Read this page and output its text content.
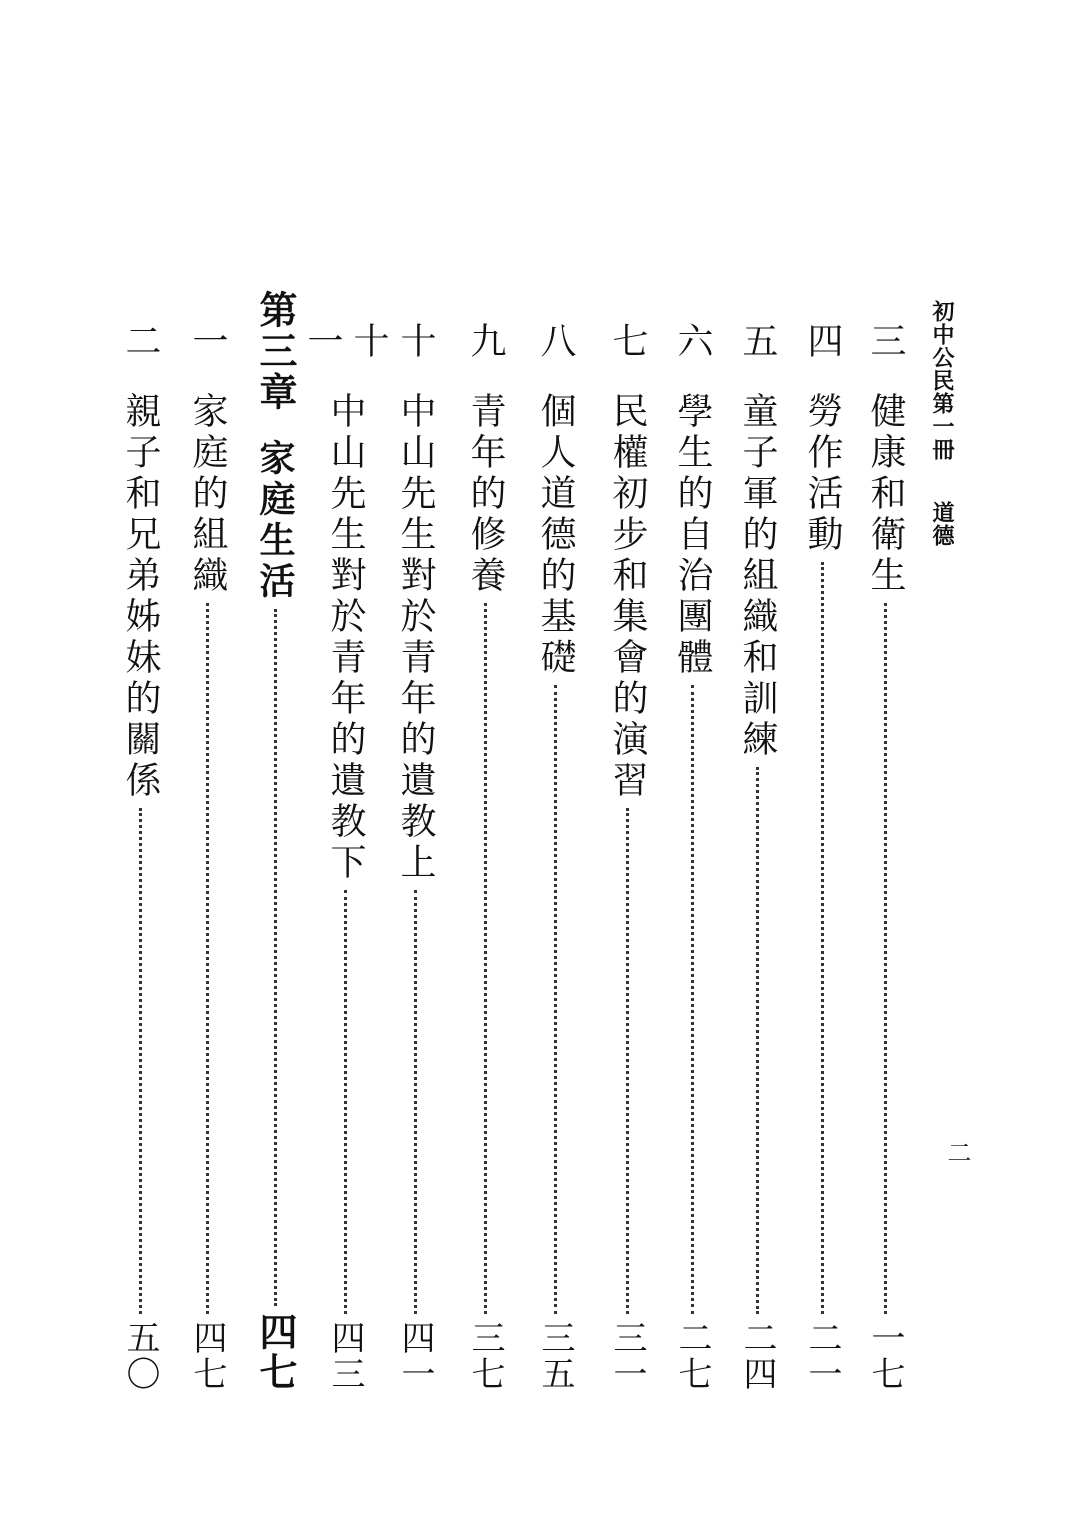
初中公民第一冊道德
二
三
健康和衛生
一七
四
勞作活動
二一
五
童子軍的組織和訓練
二四
六
學生的自治團體
二七
七
民權初步和集會的演習
三一
八
個人道德的基礎
三五
九
青年的修養
三七
十
中山先生對於青年的遺教上
四一
十一
中山先生對於青年的遺教下
四三
第三章
家庭生活
四七
一
家庭的組織
四七
二
親子和兄弟姊妹的關係
五〇
